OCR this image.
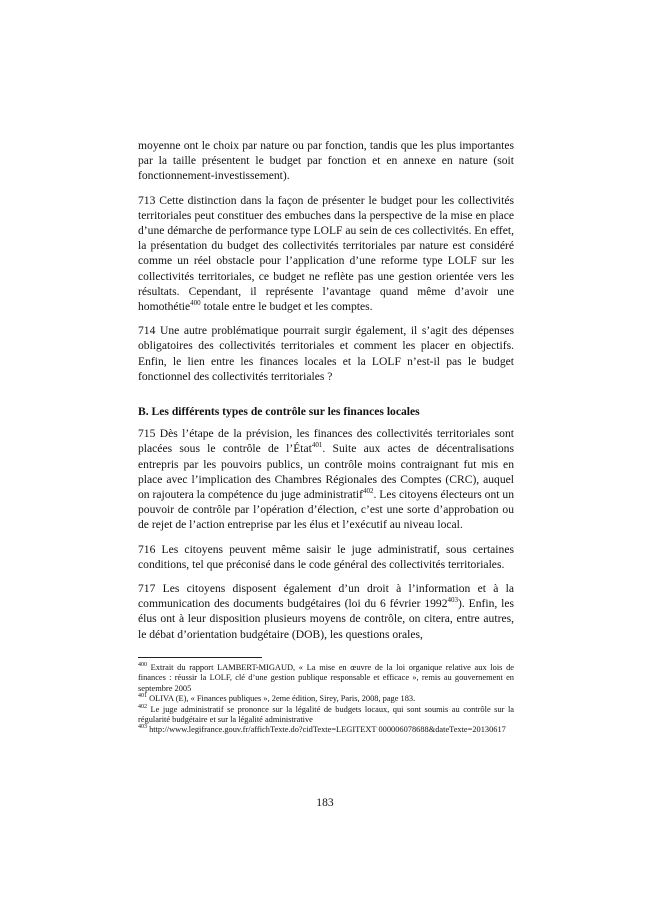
moyenne ont le choix par nature ou par fonction, tandis que les plus importantes par la taille présentent le budget par fonction et en annexe en nature (soit fonctionnement-investissement).

713 Cette distinction dans la façon de présenter le budget pour les collectivités territoriales peut constituer des embuches dans la perspective de la mise en place d’une démarche de performance type LOLF au sein de ces collectivités. En effet, la présentation du budget des collectivités territoriales par nature est considéré comme un réel obstacle pour l’application d’une reforme type LOLF sur les collectivités territoriales, ce budget ne reflète pas une gestion orientée vers les résultats. Cependant, il représente l’avantage quand même d’avoir une homothétie$^{400}$ totale entre le budget et les comptes.

714 Une autre problématique pourrait surgir également, il s’agit des dépenses obligatoires des collectivités territoriales et comment les placer en objectifs. Enfin, le lien entre les finances locales et la LOLF n’est-il pas le budget fonctionnel des collectivités territoriales ?

B. Les différents types de contrôle sur les finances locales

715 Dès l’étape de la prévision, les finances des collectivités territoriales sont placées sous le contrôle de l’État$^{401}$. Suite aux actes de décentralisations entrepris par les pouvoirs publics, un contrôle moins contraignant fut mis en place avec l’implication des Chambres Régionales des Comptes (CRC), auquel on rajoutera la compétence du juge administratif$^{402}$. Les citoyens électeurs ont un pouvoir de contrôle par l’opération d’élection, c’est une sorte d’approbation ou de rejet de l’action entreprise par les élus et l’exécutif au niveau local.

716 Les citoyens peuvent même saisir le juge administratif, sous certaines conditions, tel que préconisé dans le code général des collectivités territoriales.

717 Les citoyens disposent également d’un droit à l’information et à la communication des documents budgétaires (loi du 6 février 1992$^{403}$). Enfin, les élus ont à leur disposition plusieurs moyens de contrôle, on citera, entre autres, le débat d’orientation budgétaire (DOB), les questions orales,

$^{400}$ Extrait du rapport LAMBERT-MIGAUD, « La mise en œuvre de la loi organique relative aux lois de finances : réussir la LOLF, clé d’une gestion publique responsable et efficace », remis au gouvernement en septembre 2005

$^{401}$ OLIVA (E), « Finances publiques », 2eme édition, Sirey, Paris, 2008, page 183.

$^{402}$ Le juge administratif se prononce sur la légalité de budgets locaux, qui sont soumis au contrôle sur la régularité budgétaire et sur la légalité administrative

$^{403}$ http://www.legifrance.gouv.fr/affichTexte.do?cidTexte=LEGITEXT 000006078688&dateTexte=20130617

183
